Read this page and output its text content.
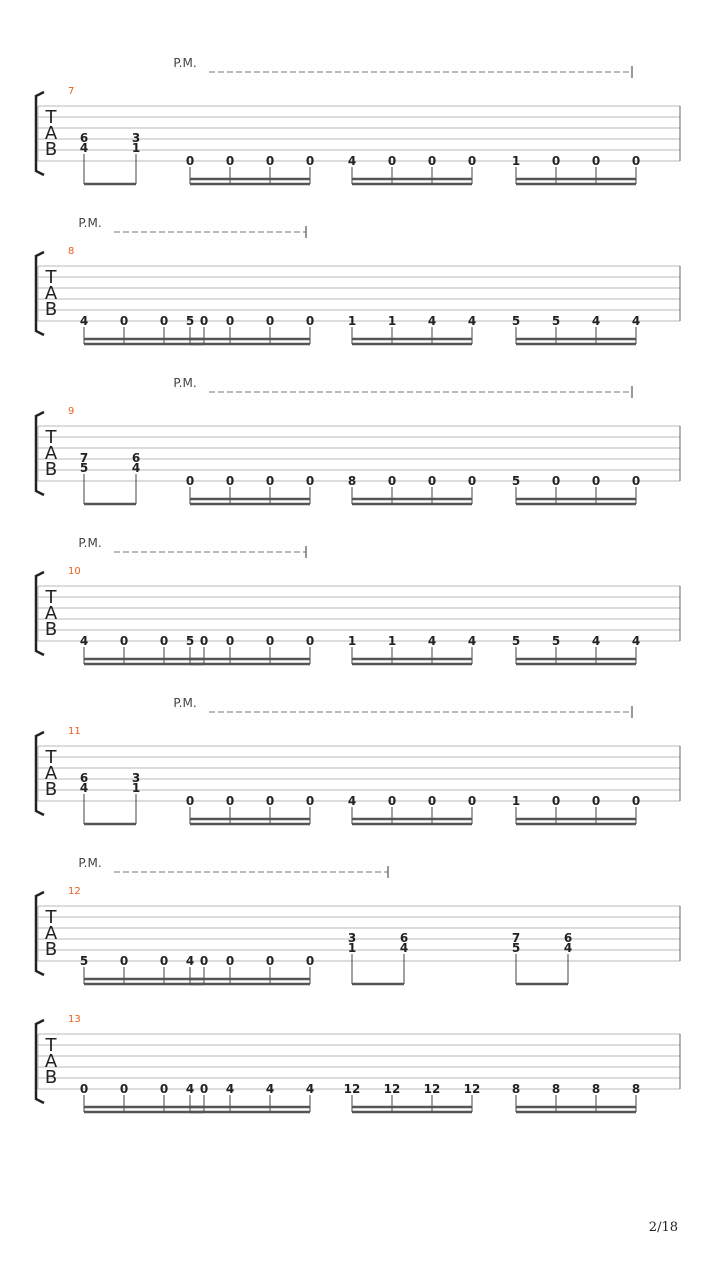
T
A
B
7
P.M.
6
4
3
1
0	0	0	0	4	0	0	0	1	0	0	0
T
A
B
8
P.M.
4	0	0	0
5	0	0	0	1	1	4	4	5	5	4	4
T
A
B
9
P.M.
7
5
6
4
0	0	0	0	8	0	0	0	5	0	0	0
T
A
B
10
P.M.
4	0	0	0
5	0	0	0	1	1	4	4	5	5	4	4
T
A
B
11
P.M.
6
4
3
1
0	0	0	0	4	0	0	0	1	0	0	0
T
A
B
12
P.M.
5	0	0	0
4	0	0	0
3
1
6
4
7
5
6
4
T
A
B
13
0	0	0	0
4	4	4	4 12 12 12 12	8	8	8	8
2/18
